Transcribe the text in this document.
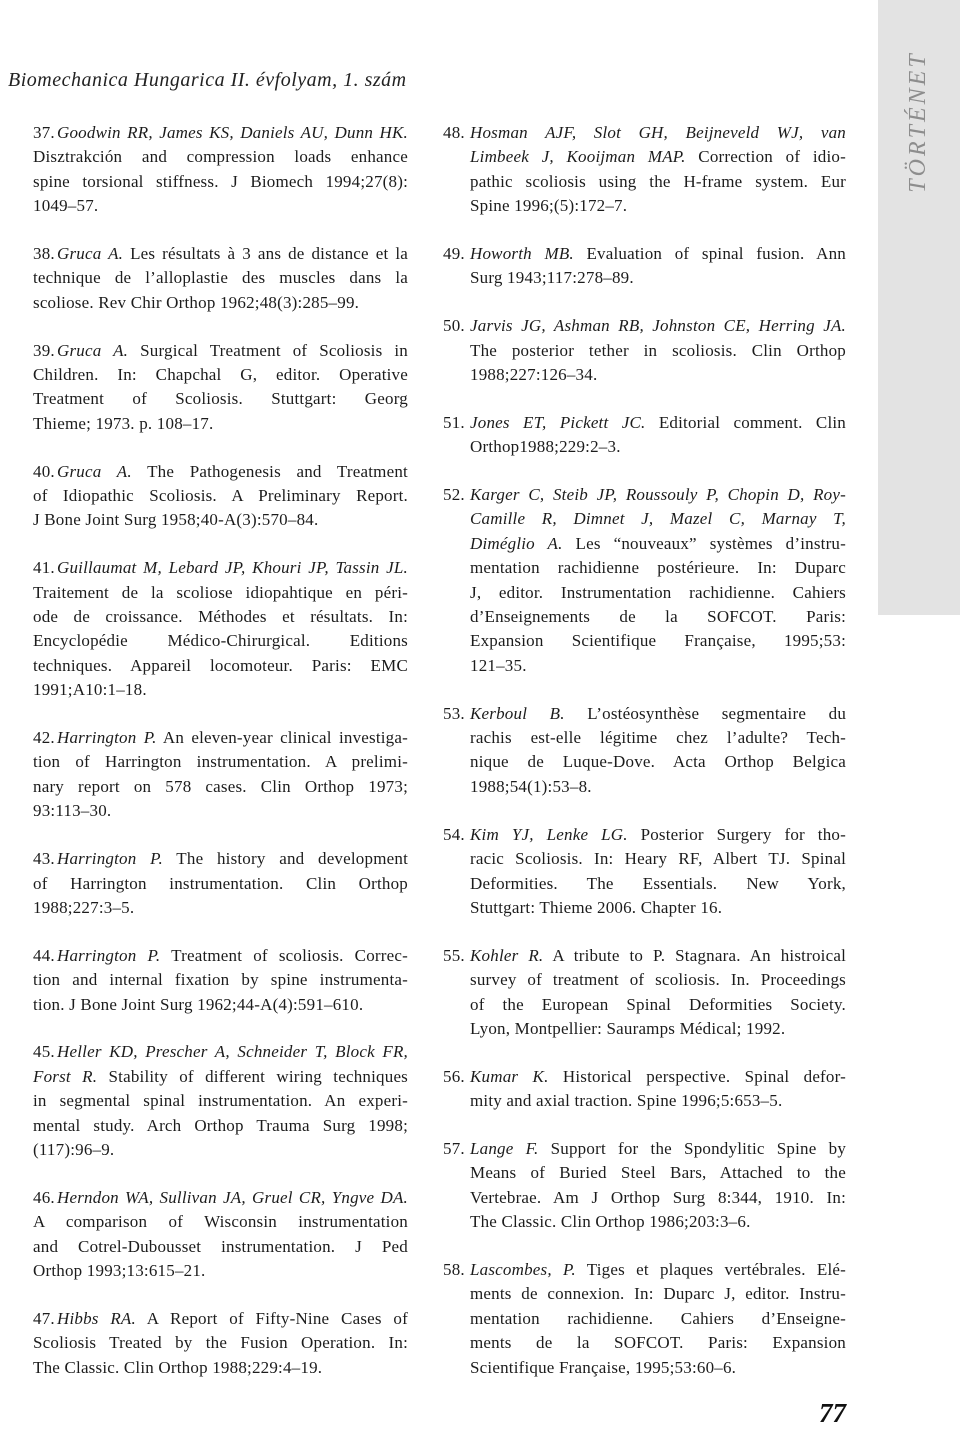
Biomechanica Hungarica II. évfolyam, 1. szám	TÖRTÉNET
37. Goodwin RR, James KS, Daniels AU, Dunn HK.
Disztrakción and compression loads enhance
spine torsional stiffness. J Biomech 1994;27(8):
1049–57.
38. Gruca A. Les résultats à 3 ans de distance et la
technique de l’alloplastie des muscles dans la
scoliose. Rev Chir Orthop 1962;48(3):285–99.
39. Gruca A. Surgical Treatment of Scoliosis in
Children. In: Chapchal G, editor. Operative
Treatment of Scoliosis. Stuttgart: Georg
Thieme; 1973. p. 108–17.
40. Gruca A. The Pathogenesis and Treatment
of Idiopathic Scoliosis. A Preliminary Report.
J Bone Joint Surg 1958;40-A(3):570–84.
41. Guillaumat M, Lebard JP, Khouri JP, Tassin JL.
Traitement de la scoliose idiopahtique en péri-
ode de croissance. Méthodes et résultats. In:
Encyclopédie Médico-Chirurgical. Editions
techniques. Appareil locomoteur. Paris: EMC
1991;A10:1–18.
42. Harrington P. An eleven-year clinical investiga-
tion of Harrington instrumentation. A prelimi-
nary report on 578 cases. Clin Orthop 1973;
93:113–30.
43. Harrington P. The history and development
of Harrington instrumentation. Clin Orthop
1988;227:3–5.
44. Harrington P. Treatment of scoliosis. Correc-
tion and internal fixation by spine instrumenta-
tion. J Bone Joint Surg 1962;44-A(4):591–610.
45. Heller KD, Prescher A, Schneider T, Block FR,
Forst R. Stability of different wiring techniques
in segmental spinal instrumentation. An experi-
mental study. Arch Orthop Trauma Surg 1998;
(117):96–9.
46. Herndon WA, Sullivan JA, Gruel CR, Yngve DA.
A comparison of Wisconsin instrumentation
and Cotrel-Dubousset instrumentation. J Ped
Orthop 1993;13:615–21.
47. Hibbs RA. A Report of Fifty-Nine Cases of
Scoliosis Treated by the Fusion Operation. In:
The Classic. Clin Orthop 1988;229:4–19.
48. Hosman AJF, Slot GH, Beijneveld WJ, van
Limbeek J, Kooijman MAP. Correction of idio-
pathic scoliosis using the H-frame system. Eur
Spine 1996;(5):172–7.
49. Howorth MB. Evaluation of spinal fusion. Ann
Surg 1943;117:278–89.
50. Jarvis JG, Ashman RB, Johnston CE, Herring JA.
The posterior tether in scoliosis. Clin Orthop
1988;227:126–34.
51. Jones ET, Pickett JC. Editorial comment. Clin
Orthop1988;229:2–3.
52. Karger C, Steib JP, Roussouly P, Chopin D, Roy-
Camille R, Dimnet J, Mazel C, Marnay T,
Diméglio A. Les “nouveaux” systèmes d’instru-
mentation rachidienne postérieure. In: Duparc
J, editor. Instrumentation rachidienne. Cahiers
d’Enseignements de la SOFCOT. Paris:
Expansion Scientifique Française, 1995;53:
121–35.
53. Kerboul B. L’ostéosynthèse segmentaire du
rachis est-elle légitime chez l’adulte? Tech-
nique de Luque-Dove. Acta Orthop Belgica
1988;54(1):53–8.
54. Kim YJ, Lenke LG. Posterior Surgery for tho-
racic Scoliosis. In: Heary RF, Albert TJ. Spinal
Deformities. The Essentials. New York,
Stuttgart: Thieme 2006. Chapter 16.
55. Kohler R. A tribute to P. Stagnara. An histroical
survey of treatment of scoliosis. In. Proceedings
of the European Spinal Deformities Society.
Lyon, Montpellier: Sauramps Médical; 1992.
56. Kumar K. Historical perspective. Spinal defor-
mity and axial traction. Spine 1996;5:653–5.
57. Lange F. Support for the Spondylitic Spine by
Means of Buried Steel Bars, Attached to the
Vertebrae. Am J Orthop Surg 8:344, 1910. In:
The Classic. Clin Orthop 1986;203:3–6.
58. Lascombes, P. Tiges et plaques vertébrales. Elé-
ments de connexion. In: Duparc J, editor. Instru-
mentation rachidienne. Cahiers d’Enseigne-
ments de la SOFCOT. Paris: Expansion
Scientifique Française, 1995;53:60–6.
77
